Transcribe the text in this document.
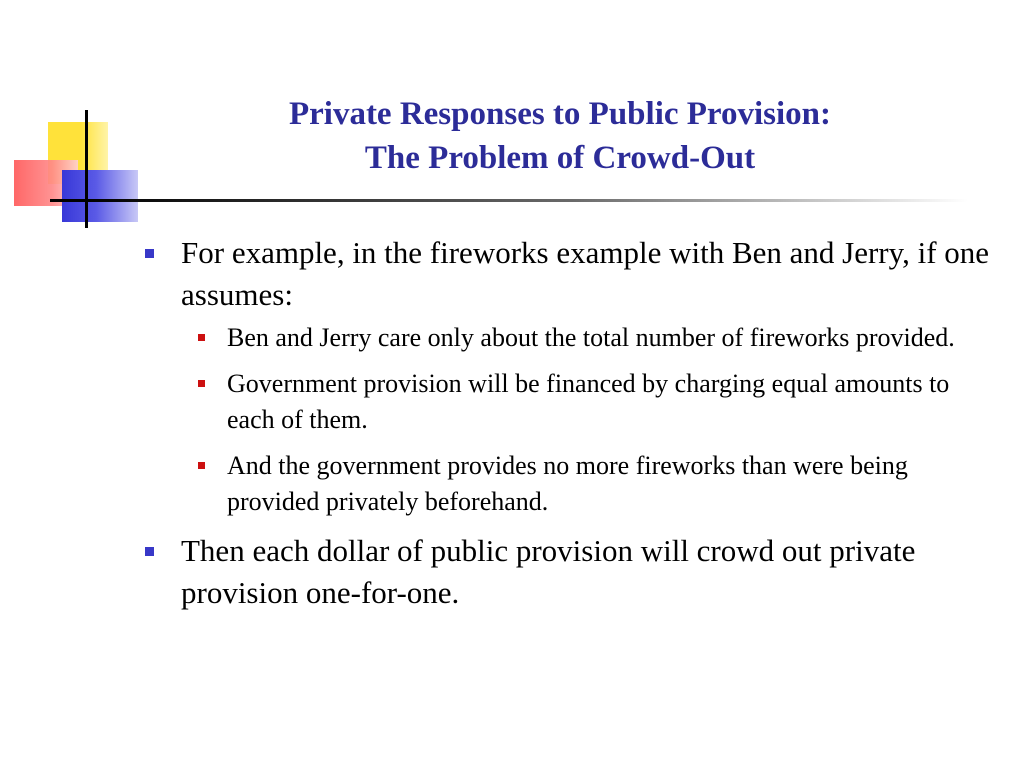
Private Responses to Public Provision:
The Problem of Crowd-Out

For example, in the fireworks example with Ben and Jerry, if one assumes:

Ben and Jerry care only about the total number of fireworks provided.

Government provision will be financed by charging equal amounts to each of them.

And the government provides no more fireworks than were being provided privately beforehand.

Then each dollar of public provision will crowd out private provision one-for-one.
